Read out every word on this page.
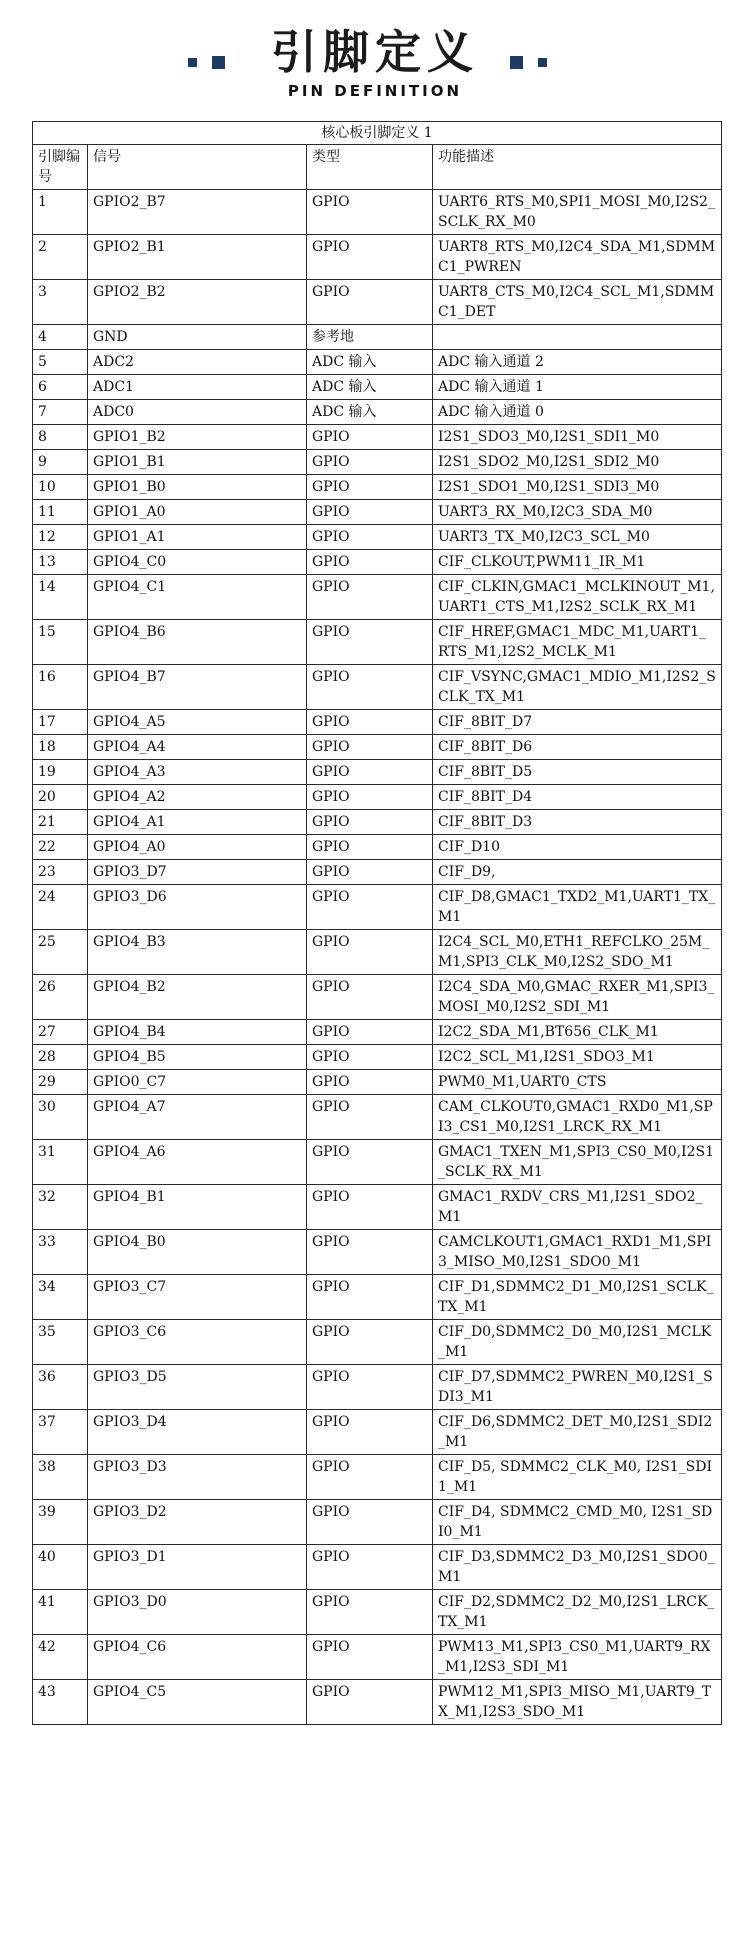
引脚定义
PIN DEFINITION
核心板引脚定义 1			
引脚编号	信号	类型	功能描述
1	GPIO2_B7	GPIO	UART6_RTS_M0,SPI1_MOSI_M0,I2S2_SCLK_RX_M0
2	GPIO2_B1	GPIO	UART8_RTS_M0,I2C4_SDA_M1,SDMMC1_PWREN
3	GPIO2_B2	GPIO	UART8_CTS_M0,I2C4_SCL_M1,SDMMC1_DET
4	GND	参考地	
5	ADC2	ADC 输入	ADC 输入通道 2
6	ADC1	ADC 输入	ADC 输入通道 1
7	ADC0	ADC 输入	ADC 输入通道 0
8	GPIO1_B2	GPIO	I2S1_SDO3_M0,I2S1_SDI1_M0
9	GPIO1_B1	GPIO	I2S1_SDO2_M0,I2S1_SDI2_M0
10	GPIO1_B0	GPIO	I2S1_SDO1_M0,I2S1_SDI3_M0
11	GPIO1_A0	GPIO	UART3_RX_M0,I2C3_SDA_M0
12	GPIO1_A1	GPIO	UART3_TX_M0,I2C3_SCL_M0
13	GPIO4_C0	GPIO	CIF_CLKOUT,PWM11_IR_M1
14	GPIO4_C1	GPIO	CIF_CLKIN,GMAC1_MCLKINOUT_M1,UART1_CTS_M1,I2S2_SCLK_RX_M1
15	GPIO4_B6	GPIO	CIF_HREF,GMAC1_MDC_M1,UART1_RTS_M1,I2S2_MCLK_M1
16	GPIO4_B7	GPIO	CIF_VSYNC,GMAC1_MDIO_M1,I2S2_SCLK_TX_M1
17	GPIO4_A5	GPIO	CIF_8BIT_D7
18	GPIO4_A4	GPIO	CIF_8BIT_D6
19	GPIO4_A3	GPIO	CIF_8BIT_D5
20	GPIO4_A2	GPIO	CIF_8BIT_D4
21	GPIO4_A1	GPIO	CIF_8BIT_D3
22	GPIO4_A0	GPIO	CIF_D10
23	GPIO3_D7	GPIO	CIF_D9,
24	GPIO3_D6	GPIO	CIF_D8,GMAC1_TXD2_M1,UART1_TX_M1
25	GPIO4_B3	GPIO	I2C4_SCL_M0,ETH1_REFCLKO_25M_M1,SPI3_CLK_M0,I2S2_SDO_M1
26	GPIO4_B2	GPIO	I2C4_SDA_M0,GMAC_RXER_M1,SPI3_MOSI_M0,I2S2_SDI_M1
27	GPIO4_B4	GPIO	I2C2_SDA_M1,BT656_CLK_M1
28	GPIO4_B5	GPIO	I2C2_SCL_M1,I2S1_SDO3_M1
29	GPIO0_C7	GPIO	PWM0_M1,UART0_CTS
30	GPIO4_A7	GPIO	CAM_CLKOUT0,GMAC1_RXD0_M1,SPI3_CS1_M0,I2S1_LRCK_RX_M1
31	GPIO4_A6	GPIO	GMAC1_TXEN_M1,SPI3_CS0_M0,I2S1_SCLK_RX_M1
32	GPIO4_B1	GPIO	GMAC1_RXDV_CRS_M1,I2S1_SDO2_M1
33	GPIO4_B0	GPIO	CAMCLKOUT1,GMAC1_RXD1_M1,SPI3_MISO_M0,I2S1_SDO0_M1
34	GPIO3_C7	GPIO	CIF_D1,SDMMC2_D1_M0,I2S1_SCLK_TX_M1
35	GPIO3_C6	GPIO	CIF_D0,SDMMC2_D0_M0,I2S1_MCLK_M1
36	GPIO3_D5	GPIO	CIF_D7,SDMMC2_PWREN_M0,I2S1_SDI3_M1
37	GPIO3_D4	GPIO	CIF_D6,SDMMC2_DET_M0,I2S1_SDI2_M1
38	GPIO3_D3	GPIO	CIF_D5, SDMMC2_CLK_M0, I2S1_SDI1_M1
39	GPIO3_D2	GPIO	CIF_D4, SDMMC2_CMD_M0, I2S1_SDI0_M1
40	GPIO3_D1	GPIO	CIF_D3,SDMMC2_D3_M0,I2S1_SDO0_M1
41	GPIO3_D0	GPIO	CIF_D2,SDMMC2_D2_M0,I2S1_LRCK_TX_M1
42	GPIO4_C6	GPIO	PWM13_M1,SPI3_CS0_M1,UART9_RX_M1,I2S3_SDI_M1
43	GPIO4_C5	GPIO	PWM12_M1,SPI3_MISO_M1,UART9_TX_M1,I2S3_SDO_M1
